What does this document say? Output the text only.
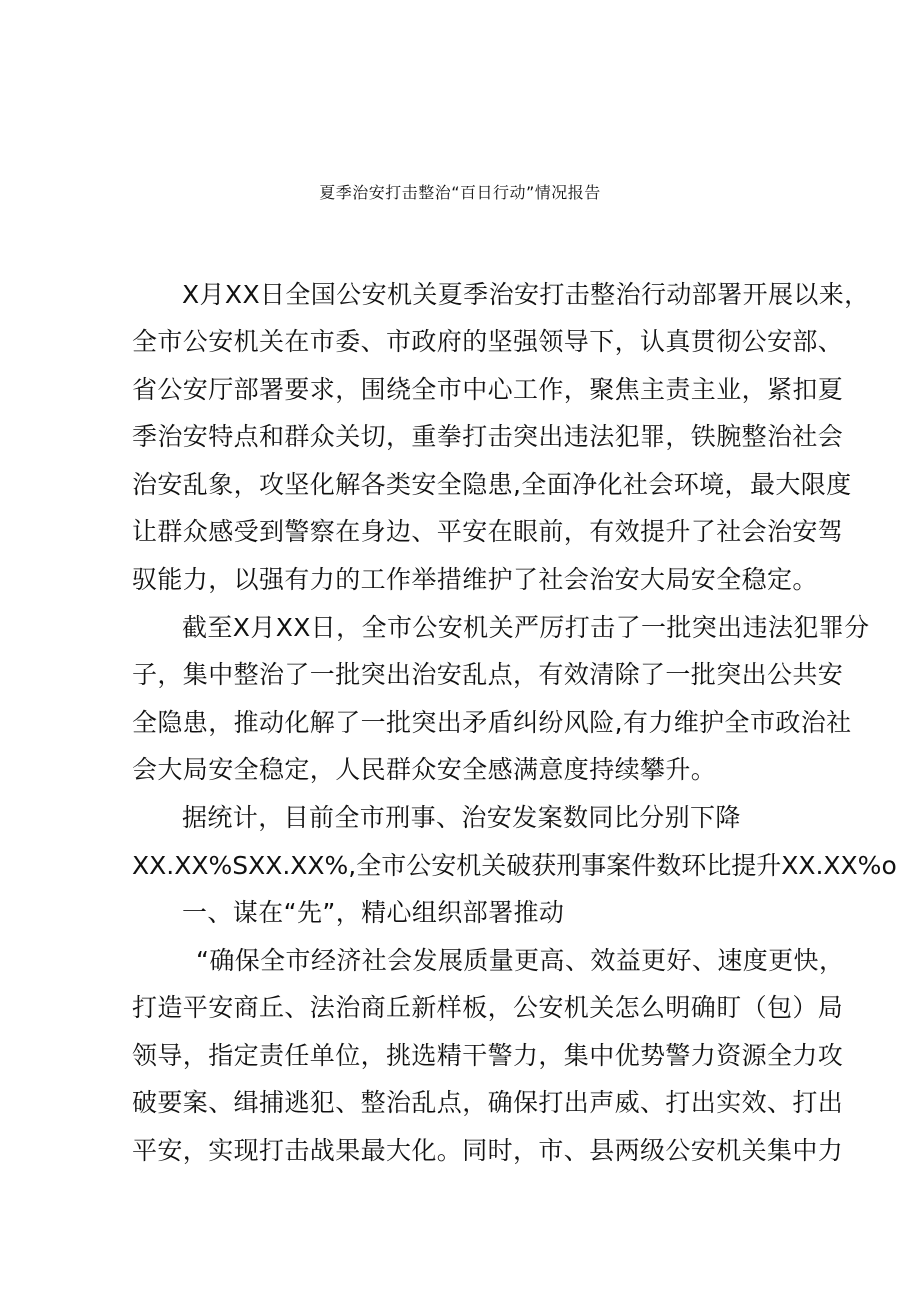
夏季治安打击整治“百日行动”情况报告
X月XX日全国公安机关夏季治安打击整治行动部署开展以来，
全市公安机关在市委、市政府的坚强领导下，认真贯彻公安部、
省公安厅部署要求，围绕全市中心工作，聚焦主责主业，紧扣夏
季治安特点和群众关切，重拳打击突出违法犯罪，铁腕整治社会
治安乱象，攻坚化解各类安全隐患,全面净化社会环境，最大限度
让群众感受到警察在身边、平安在眼前，有效提升了社会治安驾
驭能力，以强有力的工作举措维护了社会治安大局安全稳定。
截至X月XX日，全市公安机关严厉打击了一批突出违法犯罪分
子，集中整治了一批突出治安乱点，有效清除了一批突出公共安
全隐患，推动化解了一批突出矛盾纠纷风险,有力维护全市政治社
会大局安全稳定，人民群众安全感满意度持续攀升。
据统计，目前全市刑事、治安发案数同比分别下降
XX.XX%SXX.XX%,全市公安机关破获刑事案件数环比提升XX.XX%o
一、谋在“先”，精心组织部署推动
“确保全市经济社会发展质量更高、效益更好、速度更快，
打造平安商丘、法治商丘新样板，公安机关怎么明确盯（包）局
领导，指定责任单位，挑选精干警力，集中优势警力资源全力攻
破要案、缉捕逃犯、整治乱点，确保打出声威、打出实效、打出
平安，实现打击战果最大化。同时，市、县两级公安机关集中力
